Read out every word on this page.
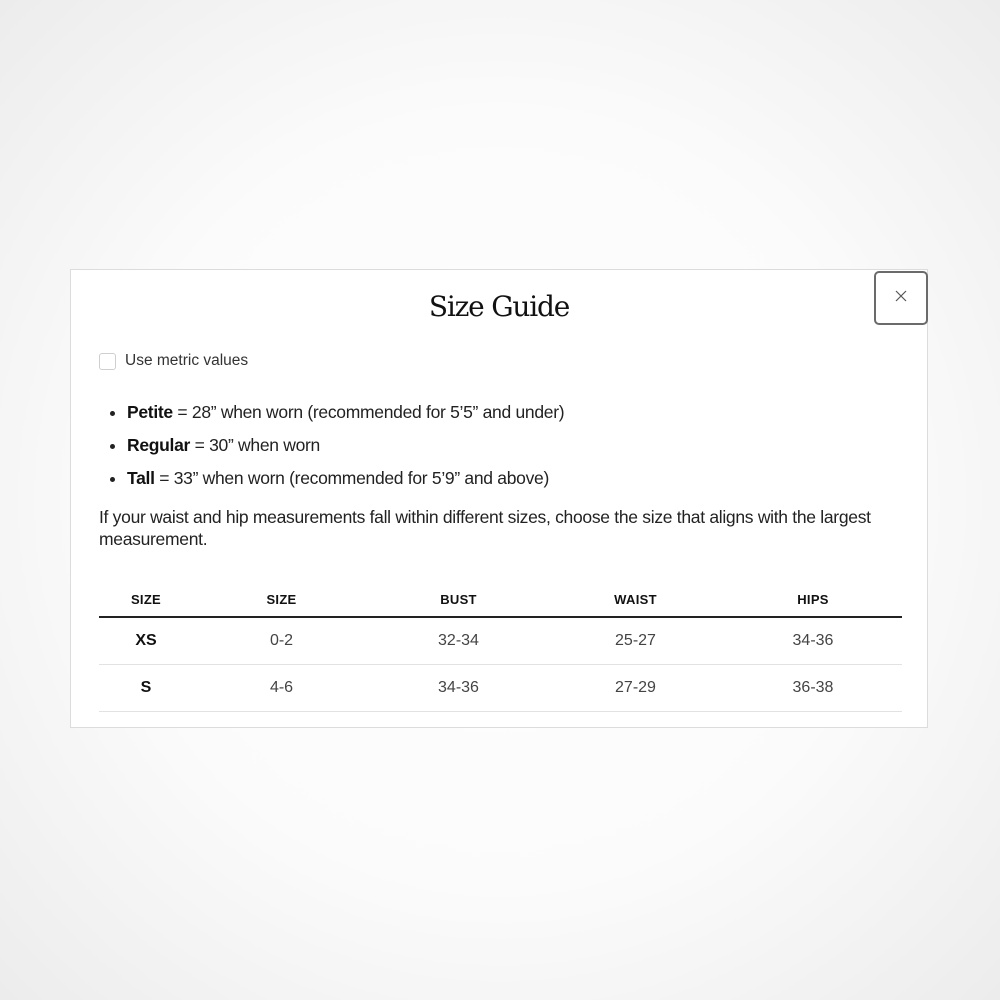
Size Guide
Use metric values
• Petite = 28” when worn (recommended for 5’5” and under)
• Regular = 30” when worn
• Tall = 33” when worn (recommended for 5’9” and above)

If your waist and hip measurements fall within different sizes, choose the size that aligns with the largest measurement.

SIZE	SIZE	BUST	WAIST	HIPS
XS	0-2	32-34	25-27	34-36
S	4-6	34-36	27-29	36-38
